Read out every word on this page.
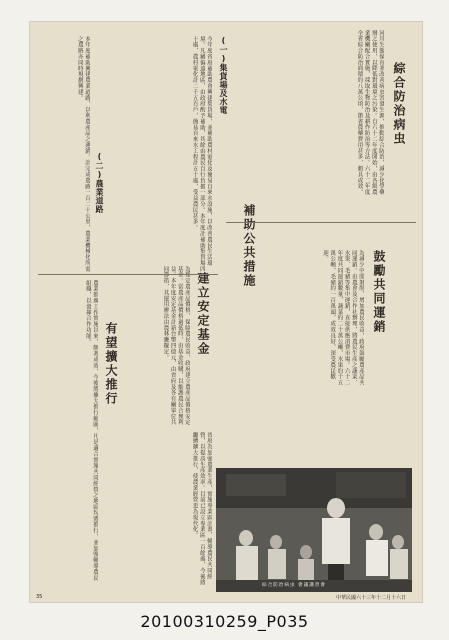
綜合防治病虫
河川生態保育並改善病虫害發生源，推動綜合防治，減少化學藥劑之使用，以降低對環境之污染。自六十二年度開始，由各級農業機關配合實施，採取生物防治及耕作防治等方法。六十二年度全省綜合防治面積約八萬公頃，節省農藥費用甚多，頗具成效。
補助公共措施
(一)集貨場及水電
今年度省府補助農會興建集貨場，並補助農村電化及簡易自來水設施，以改善農民生活環境。凡屬偏遠地區，由政府酌予補助，其餘由農民自行負擔一部分。本年度計補助集貨場四十處，農村電化計二千五百戶，簡易自來水工程計五十處，受益農民甚多。
(二)農業道路
本年度補助興建農業道路，以利農產品之運銷。計完成農路一百二十公里，農業機械化所需之農路亦同時規劃興建。
建立安定基金
為穩定農產品價格，保障農民收益，政府建立農產品價格安定基金。當農產品價格過低時，由基金收購，以維護農民合理利益。本年度安定基金計新台幣四億元，由省府及各有關單位共同籌措，其運用辦法由農林廳擬定。
有望擴大推行
農業推廣工作實施以來，頗著成效，今後將擴大推行範圍，凡是適合實施共同經營之地區均將推行，並加強輔導農民組織，以發揮合作功能。	鼓勵共同運銷
為減少中間剝削，增加農民收益，政府鼓勵農產品共同運銷。由農會及合作社辦理，將農民生產之蔬菜、水果、毛豬等集中運銷，直接供應消費市場。六十二年度共同運銷數量，蔬菜約二十萬公噸，水果約十五萬公噸，毛豬約一百萬頭，成效良好，深受農民歡迎。
省府為加強農業生產，實施專業區計畫，輔導農民共同經營，以提高生產效率。目前已設立專業區一百餘處，今後將繼續擴大推行，使農業經營更為現代化。
綜合防治病虫 會議講習會
35	中華民國六十三年十二月十六日
20100310259_P035
